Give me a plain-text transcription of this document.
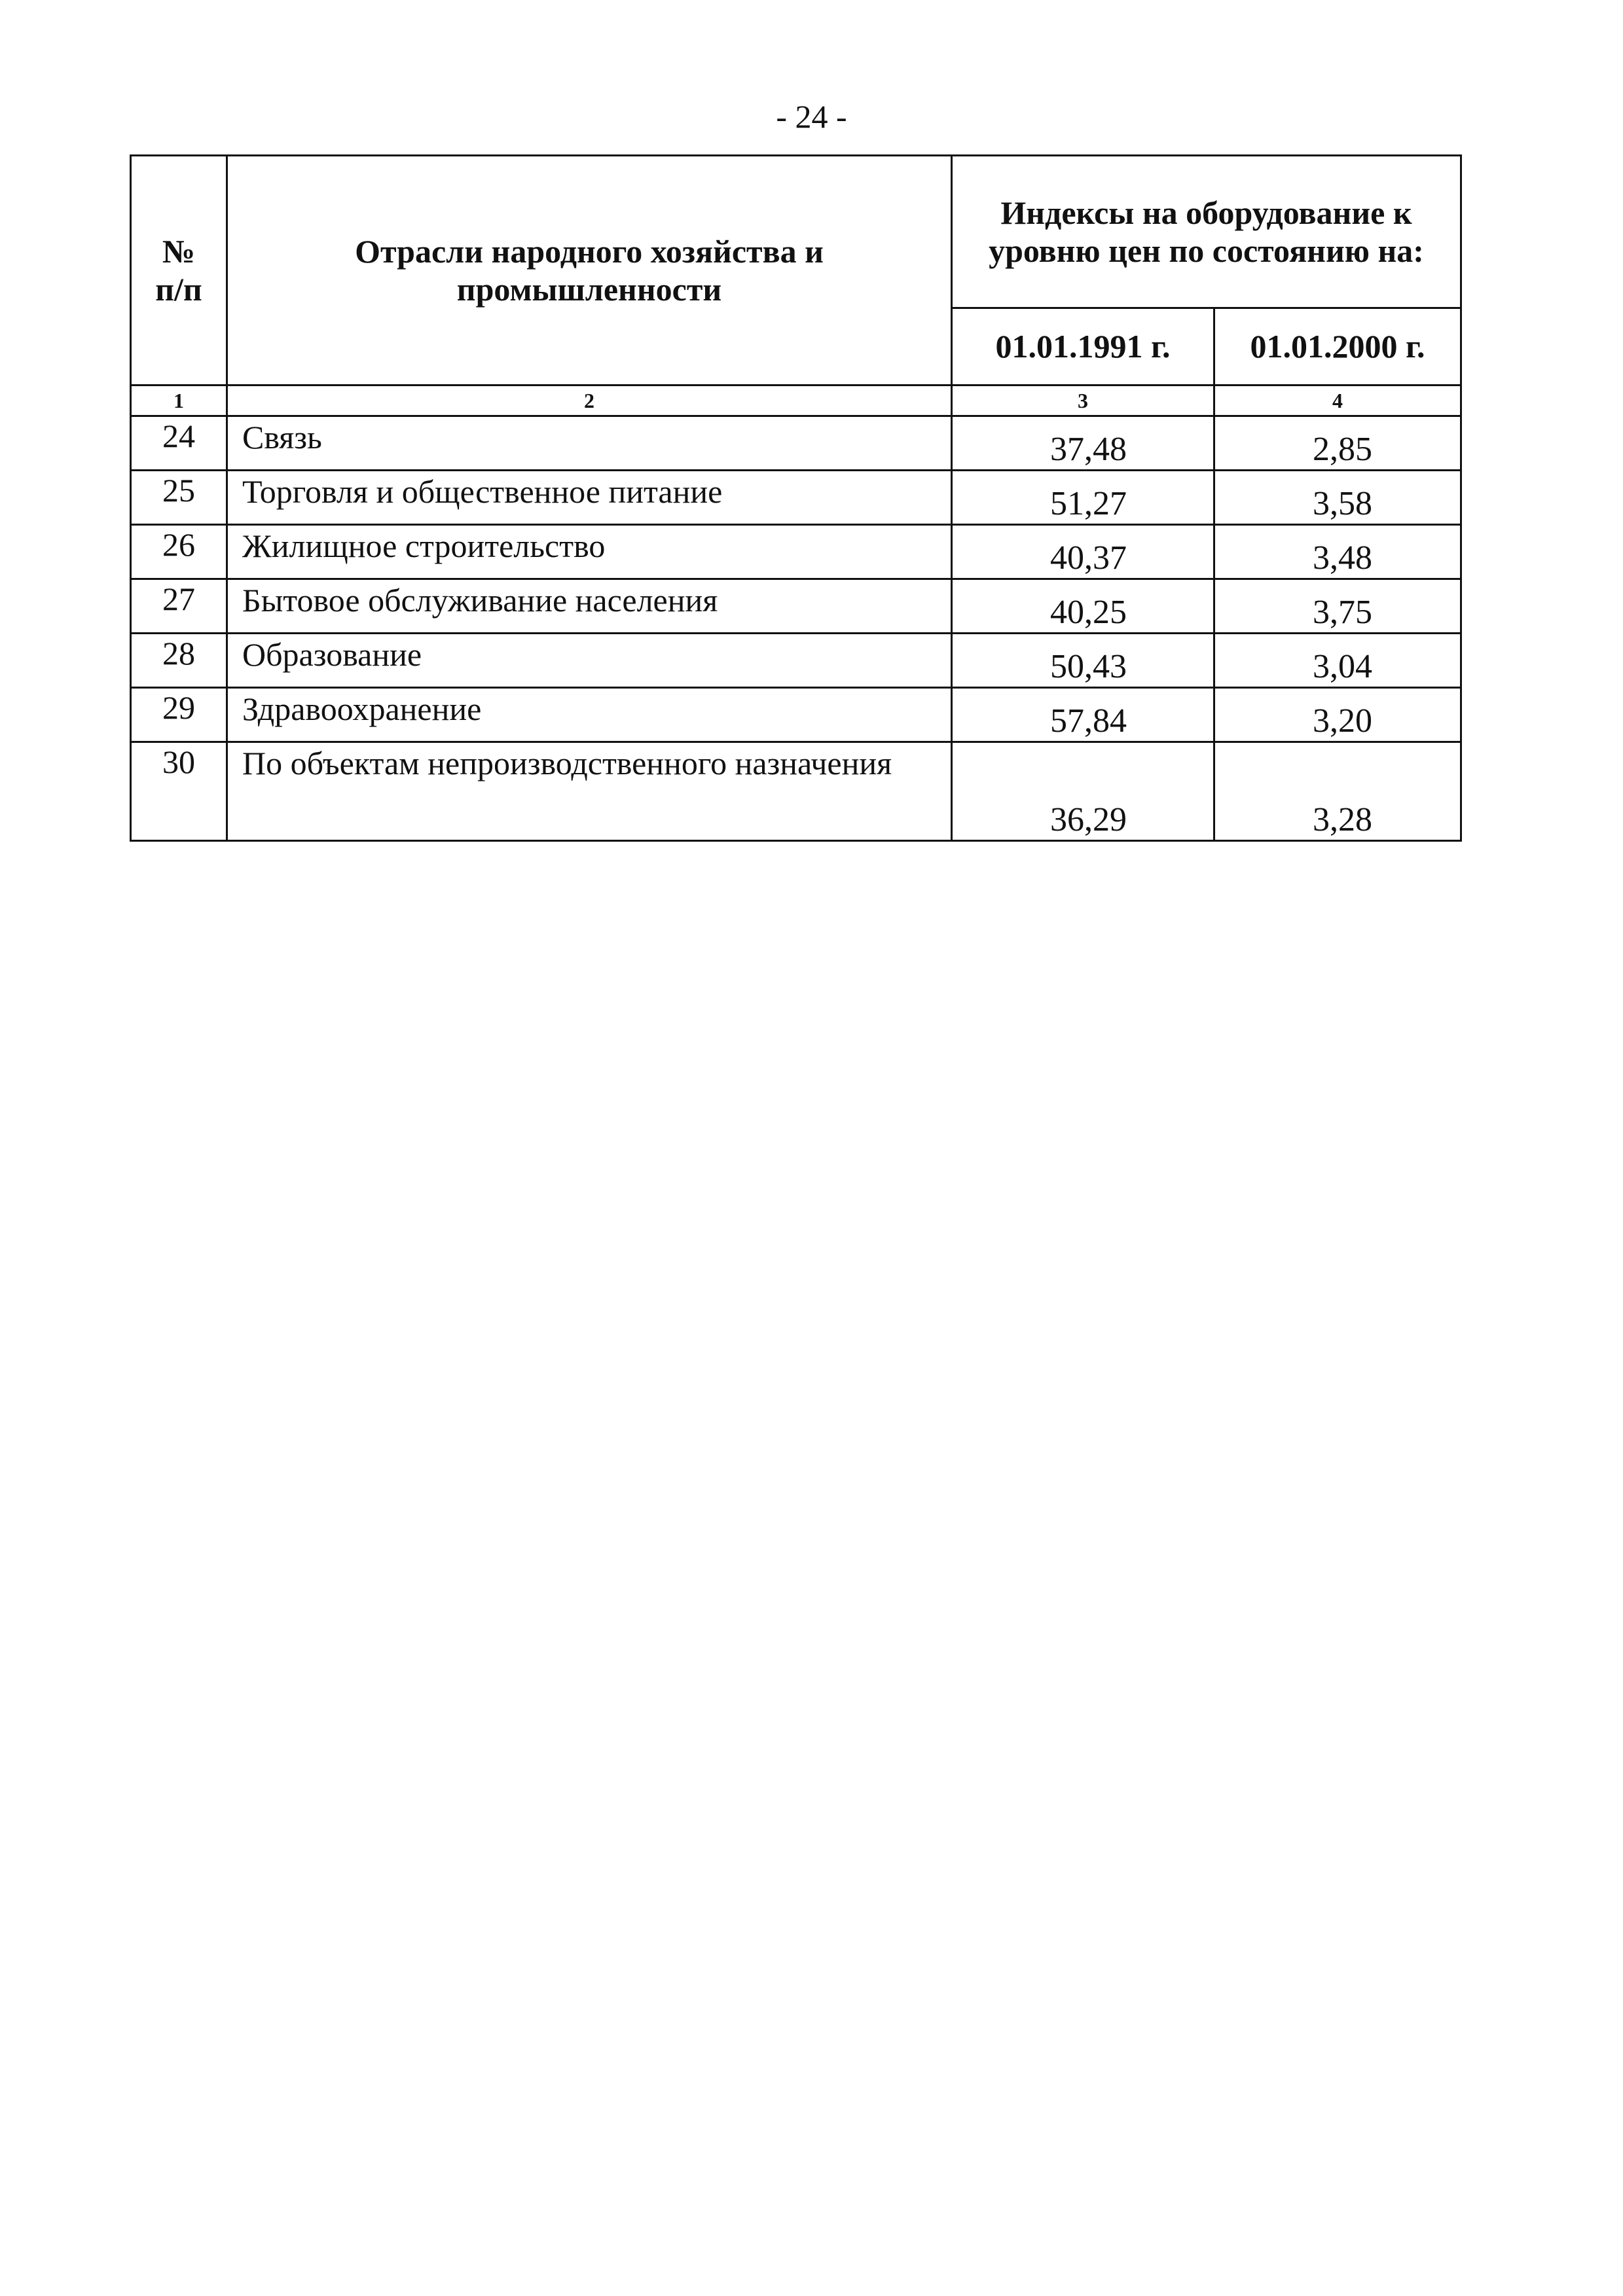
- 24 -
№
п/п	Отрасли народного хозяйства и промышленности	Индексы на оборудование к уровню цен по состоянию на:	
		01.01.1991 г.	01.01.2000 г.
1	2	3	4
24	Связь	37,48	2,85
25	Торговля и общественное питание	51,27	3,58
26	Жилищное строительство	40,37	3,48
27	Бытовое обслуживание населения	40,25	3,75
28	Образование	50,43	3,04
29	Здравоохранение	57,84	3,20
30	По объектам непроизводственного назначения	36,29	3,28
